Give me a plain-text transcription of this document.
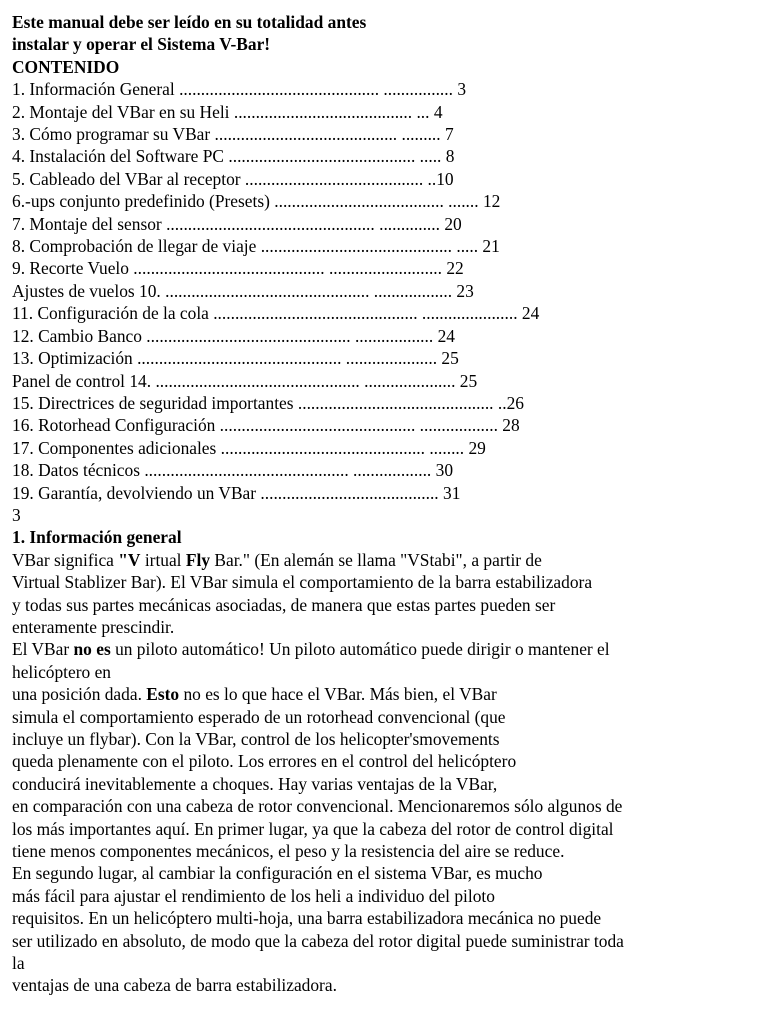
Este manual debe ser leído en su totalidad antes

instalar y operar el Sistema V-Bar!

CONTENIDO

1. Información General .............................................. ................ 3

2. Montaje del VBar en su Heli ......................................... ... 4

3. Cómo programar su VBar .......................................... ......... 7

4. Instalación del Software PC ........................................... ..... 8

5. Cableado del VBar al receptor ......................................... ..10

6.-ups conjunto predefinido (Presets) ....................................... ....... 12

7. Montaje del sensor ................................................ .............. 20

8. Comprobación de llegar de viaje ............................................ ..... 21

9. Recorte Vuelo ............................................ .......................... 22

Ajustes de vuelos 10. ............................................... .................. 23

11. Configuración de la cola ............................................... ...................... 24

12. Cambio Banco ............................................... .................. 24

13. Optimización ............................................... ..................... 25

Panel de control 14. ............................................... ..................... 25

15. Directrices de seguridad importantes ............................................. ..26

16. Rotorhead Configuración ............................................. .................. 28

17. Componentes adicionales ............................................... ........ 29

18. Datos técnicos ............................................... .................. 30

19. Garantía, devolviendo un VBar ......................................... 31

3

1. Información general

VBar significa "V irtual Fly Bar." (En alemán se llama "VStabi", a partir de

Virtual Stablizer Bar). El VBar simula el comportamiento de la barra estabilizadora

y todas sus partes mecánicas asociadas, de manera que estas partes pueden ser

enteramente prescindir.

El VBar no es un piloto automático! Un piloto automático puede dirigir o mantener el

helicóptero en

una posición dada. Esto no es lo que hace el VBar. Más bien, el VBar

simula el comportamiento esperado de un rotorhead convencional (que

incluye un flybar). Con la VBar, control de los helicopter'smovements

queda plenamente con el piloto. Los errores en el control del helicóptero

conducirá inevitablemente a choques. Hay varias ventajas de la VBar,

en comparación con una cabeza de rotor convencional. Mencionaremos sólo algunos de

los más importantes aquí. En primer lugar, ya que la cabeza del rotor de control digital

tiene menos componentes mecánicos, el peso y la resistencia del aire se reduce.

En segundo lugar, al cambiar la configuración en el sistema VBar, es mucho

más fácil para ajustar el rendimiento de los heli a individuo del piloto

requisitos. En un helicóptero multi-hoja, una barra estabilizadora mecánica no puede

ser utilizado en absoluto, de modo que la cabeza del rotor digital puede suministrar toda

la

ventajas de una cabeza de barra estabilizadora.
